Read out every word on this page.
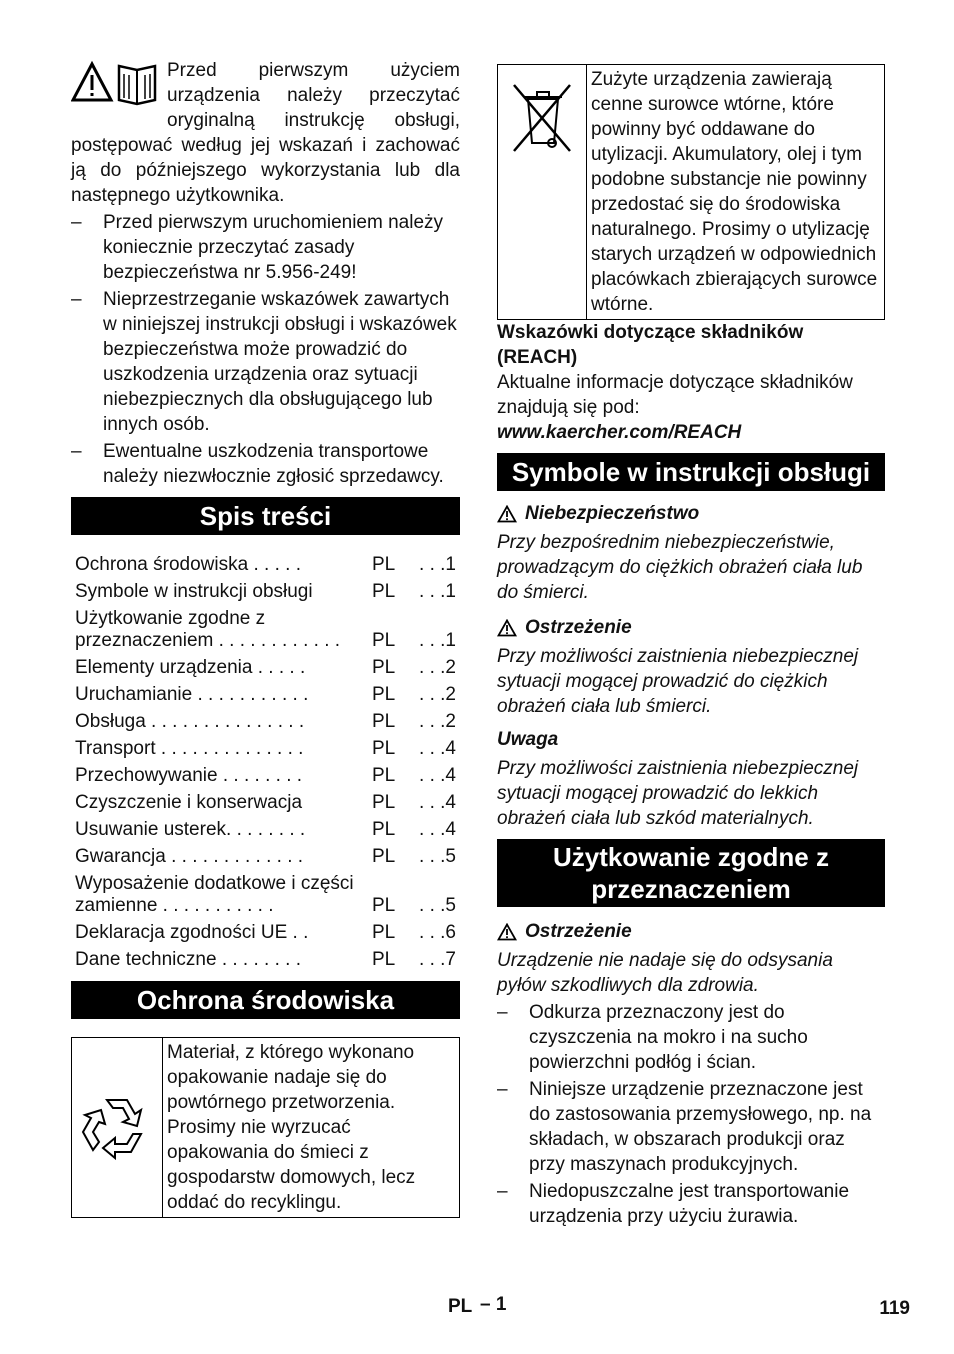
Przed pierwszym użyciem urządzenia należy przeczytać oryginalną instrukcję obsługi, postępować według jej wskazań i zachować ją do późniejszego wykorzystania lub dla następnego użytkownika.

– Przed pierwszym uruchomieniem należy koniecznie przeczytać zasady bezpieczeństwa nr 5.956-249!
– Nieprzestrzeganie wskazówek zawartych w niniejszej instrukcji obsługi i wskazówek bezpieczeństwa może prowadzić do uszkodzenia urządzenia oraz sytuacji niebezpiecznych dla obsługującego lub innych osób.
– Ewentualne uszkodzenia transportowe należy niezwłocznie zgłosić sprzedawcy.
Spis treści
Ochrona środowiska . . . . .	PL	. . .1
Symbole w instrukcji obsługi	PL	. . .1
Użytkowanie zgodne z przeznaczeniem . . . . . . . . . . . .	PL	. . .1
Elementy urządzenia . . . . .	PL	. . .2
Uruchamianie . . . . . . . . . . .	PL	. . .2
Obsługa . . . . . . . . . . . . . . .	PL	. . .2
Transport . . . . . . . . . . . . . .	PL	. . .4
Przechowywanie . . . . . . . .	PL	. . .4
Czyszczenie i konserwacja	PL	. . .4
Usuwanie usterek. . . . . . . .	PL	. . .4
Gwarancja . . . . . . . . . . . . .	PL	. . .5
Wyposażenie dodatkowe i części zamienne . . . . . . . . . . .	PL	. . .5
Deklaracja zgodności UE . .	PL	. . .6
Dane techniczne . . . . . . . .	PL	. . .7
Ochrona środowiska
Materiał, z którego wykonano opakowanie nadaje się do powtórnego przetworzenia. Prosimy nie wyrzucać opakowania do śmieci z gospodarstw domowych, lecz oddać do recyklingu.
Zużyte urządzenia zawierają cenne surowce wtórne, które powinny być oddawane do utylizacji. Akumulatory, olej i tym podobne substancje nie powinny przedostać się do środowiska naturalnego. Prosimy o utylizację starych urządzeń w odpowiednich placówkach zbierających surowce wtórne.

Wskazówki dotyczące składników (REACH)

Aktualne informacje dotyczące składników znajdują się pod:

www.kaercher.com/REACH

Symbole w instrukcji obsługi
Niebezpieczeństwo

Przy bezpośrednim niebezpieczeństwie, prowadzącym do ciężkich obrażeń ciała lub do śmierci.

Ostrzeżenie

Przy możliwości zaistnienia niebezpiecznej sytuacji mogącej prowadzić do ciężkich obrażeń ciała lub śmierci.

Uwaga

Przy możliwości zaistnienia niebezpiecznej sytuacji mogącej prowadzić do lekkich obrażeń ciała lub szkód materialnych.

Użytkowanie zgodne z przeznaczeniem
Ostrzeżenie

Urządzenie nie nadaje się do odsysania pyłów szkodliwych dla zdrowia.

– Odkurza przeznaczony jest do czyszczenia na mokro i na sucho powierzchni podłóg i ścian.
– Niniejsze urządzenie przeznaczone jest do zastosowania przemysłowego, np. na składach, w obszarach produkcji oraz przy maszynach produkcyjnych.
– Niedopuszczalne jest transportowanie urządzenia przy użyciu żurawia.
PL – 1	119
